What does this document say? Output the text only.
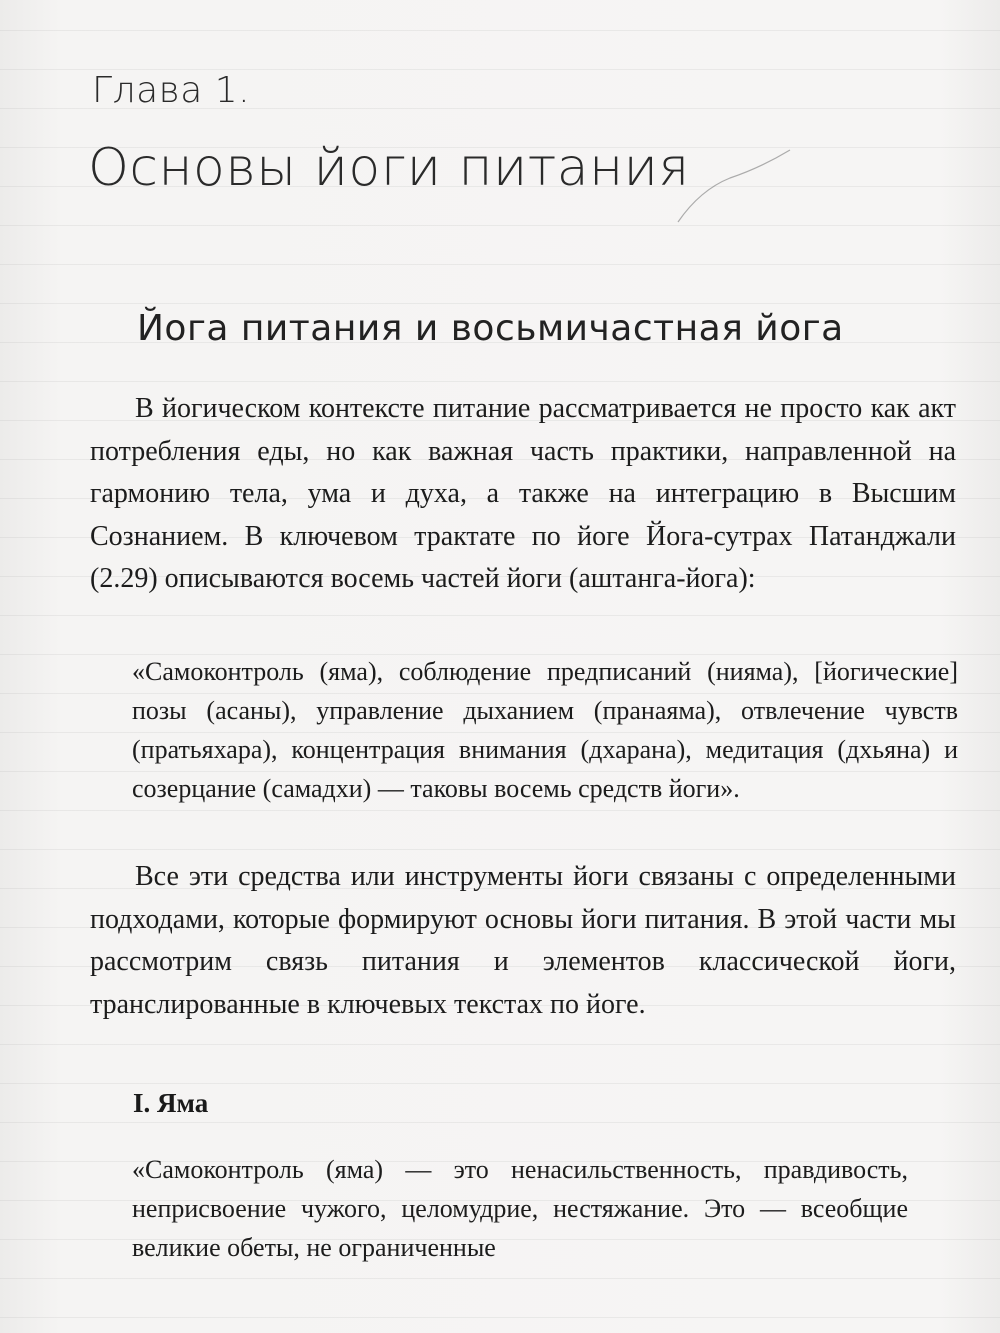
Глава 1.
Основы йоги питания
Йога питания и восьмичастная йога

В йогическом контексте питание рассматривается не просто как акт потребления еды, но как важная часть практики, направленной на гармонию тела, ума и духа, а также на интеграцию в Высшим Сознанием. В ключевом трактате по йоге Йога-сутрах Патанджали (2.29) описываются восемь частей йоги (аштанга-йога):

«Самоконтроль (яма), соблюдение предписаний (нияма), [йогические] позы (асаны), управление дыханием (пранаяма), отвлечение чувств (пратьяхара), концентрация внимания (дхарана), медитация (дхьяна) и созерцание (самадхи) — таковы восемь средств йоги».

Все эти средства или инструменты йоги связаны с определенными подходами, которые формируют основы йоги питания. В этой части мы рассмотрим связь питания и элементов классической йоги, транслированные в ключевых текстах по йоге.

I. Яма

«Самоконтроль (яма) — это ненасильственность, правдивость, неприсвоение чужого, целомудрие, нестяжание. Это — всеобщие великие обеты, не ограниченные
